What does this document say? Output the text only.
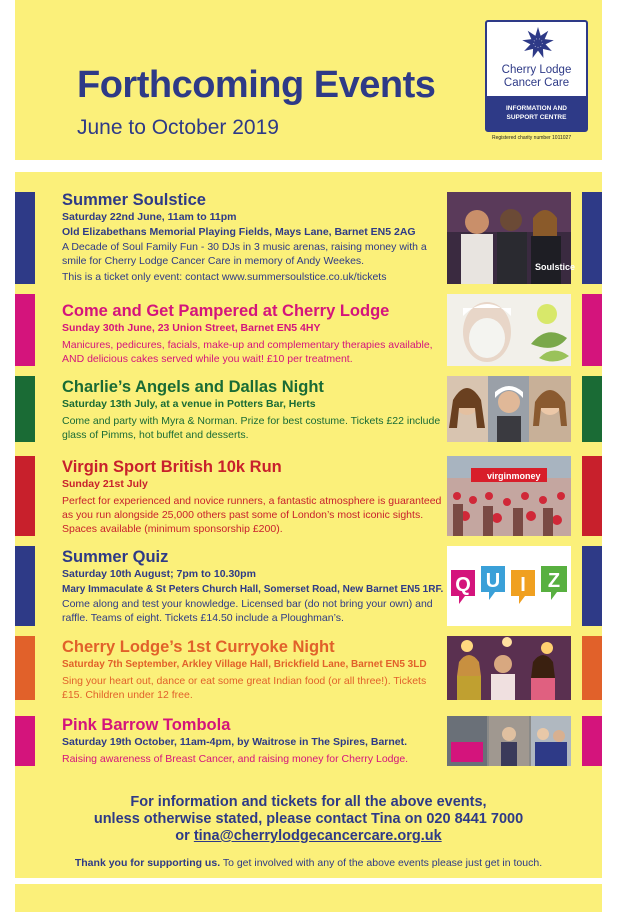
Forthcoming Events
June to October 2019
Cherry Lodge
Cancer Care
INFORMATION AND
SUPPORT CENTRE
Registered charity number 1011027
Summer Soulstice
Saturday 22nd June, 11am to 11pm
Old Elizabethans Memorial Playing Fields, Mays Lane, Barnet EN5 2AG
A Decade of Soul Family Fun - 30 DJs in 3 music arenas, raising money with a smile for Cherry Lodge Cancer Care in memory of Andy Weekes.
This is a ticket only event: contact www.summersoulstice.co.uk/tickets
Soulstice
Come and Get Pampered at Cherry Lodge
Sunday 30th June, 23 Union Street, Barnet EN5 4HY
Manicures, pedicures, facials, make-up and complementary therapies available, AND delicious cakes served while you wait! £10 per treatment.
Charlie’s Angels and Dallas Night
Saturday 13th July, at a venue in Potters Bar, Herts
Come and party with Myra & Norman. Prize for best costume. Tickets £22 include glass of Pimms, hot buffet and desserts.
Virgin Sport British 10k Run
Sunday 21st July
Perfect for experienced and novice runners, a fantastic atmosphere is guaranteed as you run alongside 25,000 others past some of London’s most iconic sights. Spaces available (minimum sponsorship £200).
virginmoney
Summer Quiz
Saturday 10th August; 7pm to 10.30pm
Mary Immaculate & St Peters Church Hall, Somerset Road, New Barnet EN5 1RF.
Come along and test your knowledge. Licensed bar (do not bring your own) and raffle. Teams of eight. Tickets £14.50 include a Ploughman’s.
Q U I Z
Cherry Lodge’s 1st Curryoke Night
Saturday 7th September, Arkley Village Hall, Brickfield Lane, Barnet EN5 3LD
Sing your heart out, dance or eat some great Indian food (or all three!). Tickets £15. Children under 12 free.
Pink Barrow Tombola
Saturday 19th October, 11am-4pm, by Waitrose in The Spires, Barnet.
Raising awareness of Breast Cancer, and raising money for Cherry Lodge.
For information and tickets for all the above events,
unless otherwise stated, please contact Tina on 020 8441 7000
or tina@cherrylodgecancercare.org.uk
Thank you for supporting us. To get involved with any of the above events please just get in touch.
